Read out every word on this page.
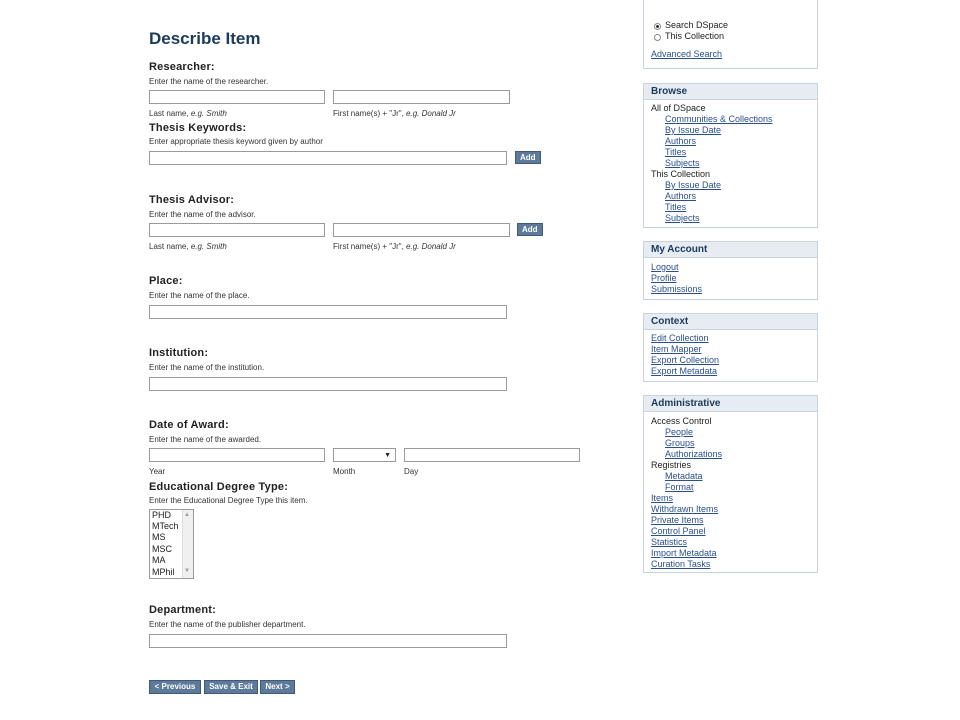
Describe Item
Researcher:
Enter the name of the researcher.
Last name, e.g. Smith	First name(s) + "Jr", e.g. Donald Jr
Thesis Keywords:
Enter appropriate thesis keyword given by author
Add
Thesis Advisor:
Enter the name of the advisor.
Add
Last name, e.g. Smith	First name(s) + "Jr", e.g. Donald Jr
Place:
Enter the name of the place.
Institution:
Enter the name of the institution.
Date of Award:
Enter the name of the awarded.
▼
Year	Month	Day
Educational Degree Type:
Enter the Educational Degree Type this item.
PHD
MTech
MS
MSC
MA
MPhil
▲
▼
Department:
Enter the name of the publisher department.
< Previous	Save & Exit	Next >
Search DSpace
This Collection
Advanced Search
Browse
All of DSpace
Communities & Collections
By Issue Date
Authors
Titles
Subjects
This Collection
By Issue Date
Authors
Titles
Subjects
My Account
Logout
Profile
Submissions
Context
Edit Collection
Item Mapper
Export Collection
Export Metadata
Administrative
Access Control
People
Groups
Authorizations
Registries
Metadata
Format
Items
Withdrawn Items
Private Items
Control Panel
Statistics
Import Metadata
Curation Tasks
